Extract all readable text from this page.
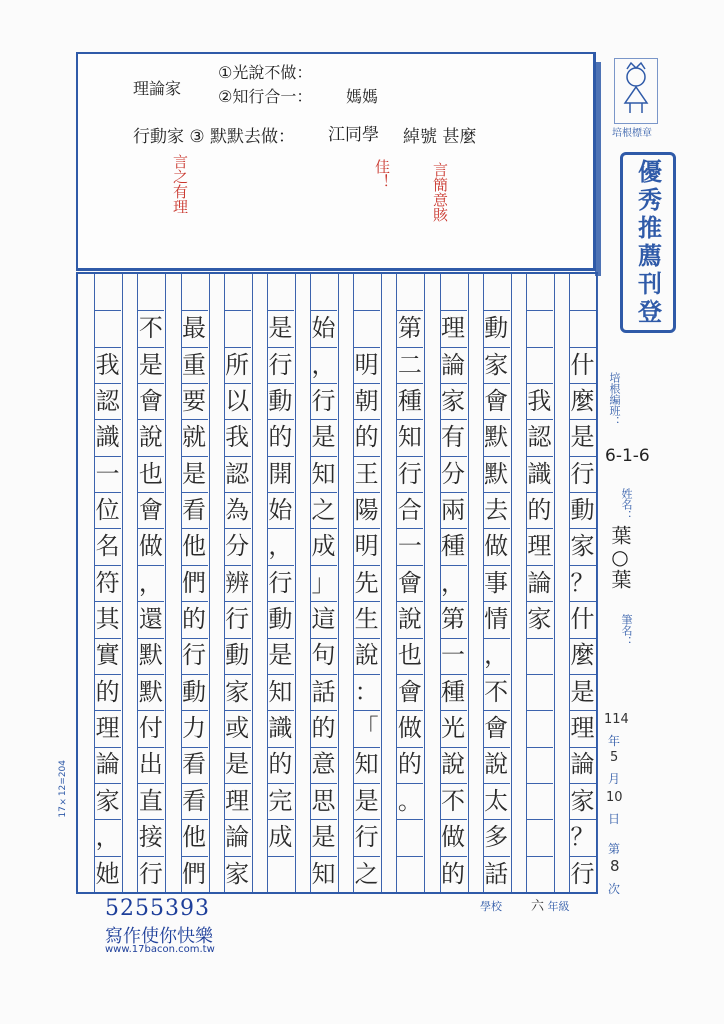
理論家
①光說不做：
②知行合一： 媽媽
行動家 ③ 默默去做： 江同學 綽號 甚麼
言之有理	佳！	言簡意賅
我
認
識
一
位
名
符
其
實
的
理
論
家
，
她
不
是
會
說
也
會
做
，
還
默
默
付
出
直
接
行
最
重
要
就
是
看
他
們
的
行
動
力
看
看
他
們
所
以
我
認
為
分
辨
行
動
家
或
是
理
論
家
是
行
動
的
開
始
，
行
動
是
知
識
的
完
成
始
，
行
是
知
之
成
」
這
句
話
的
意
思
是
知
明
朝
的
王
陽
明
先
生
說
：
「
知
是
行
之
第
二
種
知
行
合
一
會
說
也
會
做
的
。
理
論
家
有
分
兩
種
，
第
一
種
光
說
不
做
的
動
家
會
默
默
去
做
事
情
，
不
會
說
太
多
話
我
認
識
的
理
論
家
什
麼
是
行
動
家
？
什
麼
是
理
論
家
？
行
培根標章
優秀推薦刊登
培根編班：
6-1-6
姓名：
葉○葉
筆名：
114
年
5
月
10
日
第
8
次
17×12=204
5255393
寫作使你快樂
www.17bacon.com.tw
學校 六 年級
